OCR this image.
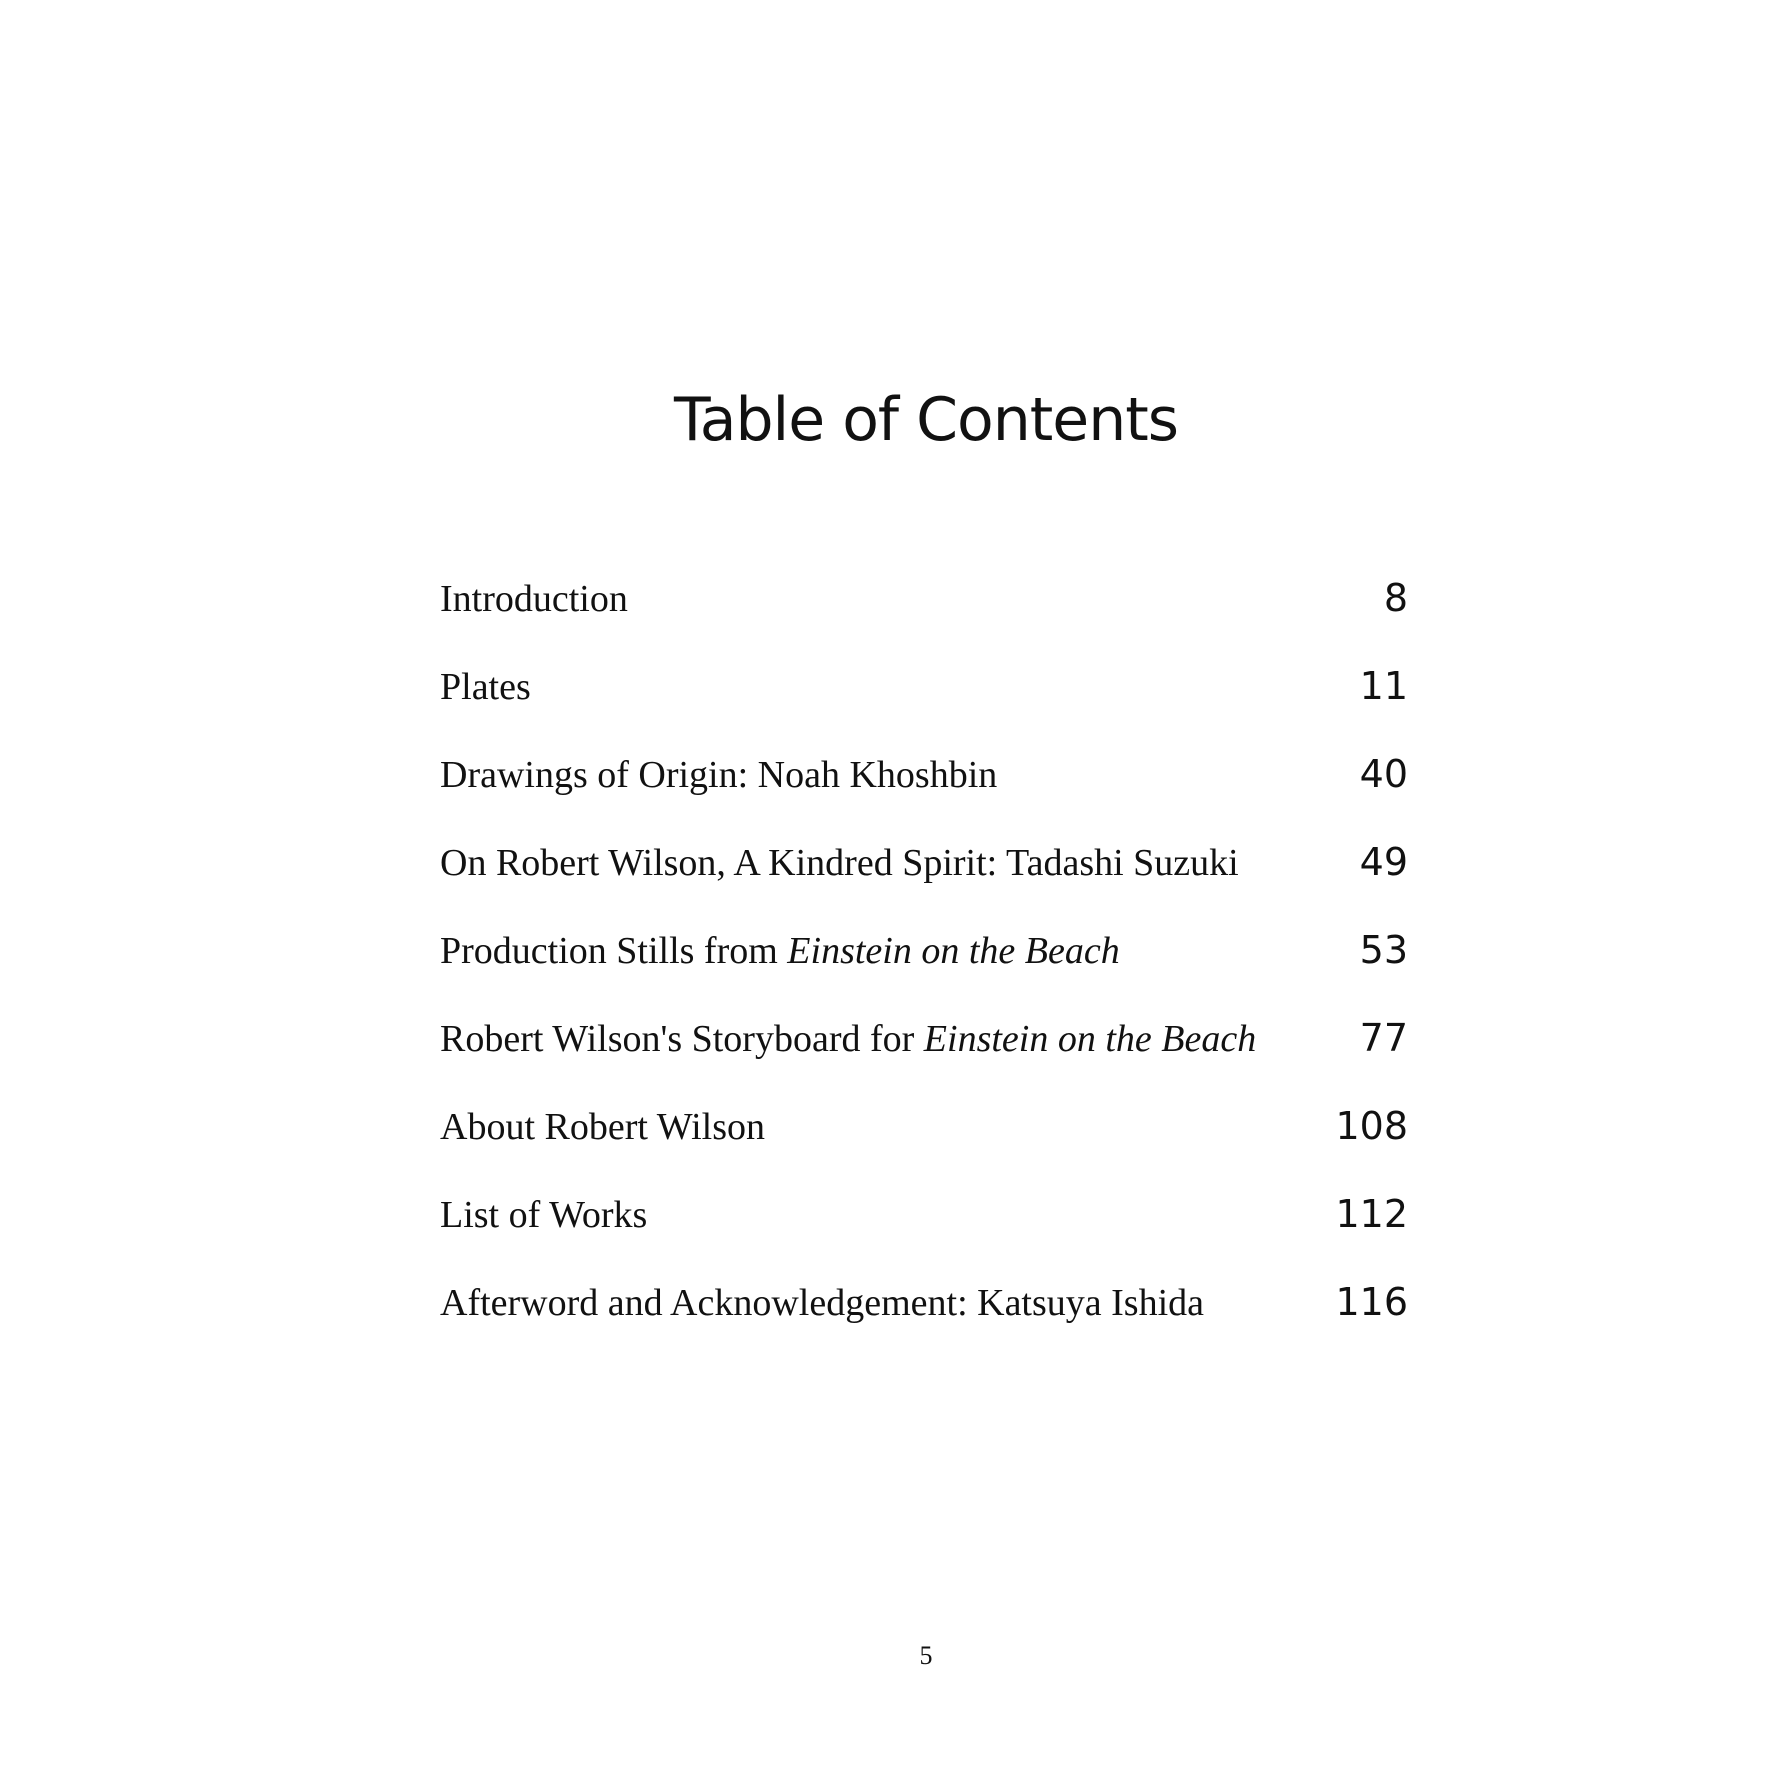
Table of Contents
Introduction	8
Plates	11
Drawings of Origin: Noah Khoshbin	40
On Robert Wilson, A Kindred Spirit: Tadashi Suzuki	49
Production Stills from Einstein on the Beach	53
Robert Wilson's Storyboard for Einstein on the Beach	77
About Robert Wilson	108
List of Works	112
Afterword and Acknowledgement: Katsuya Ishida	116
5
